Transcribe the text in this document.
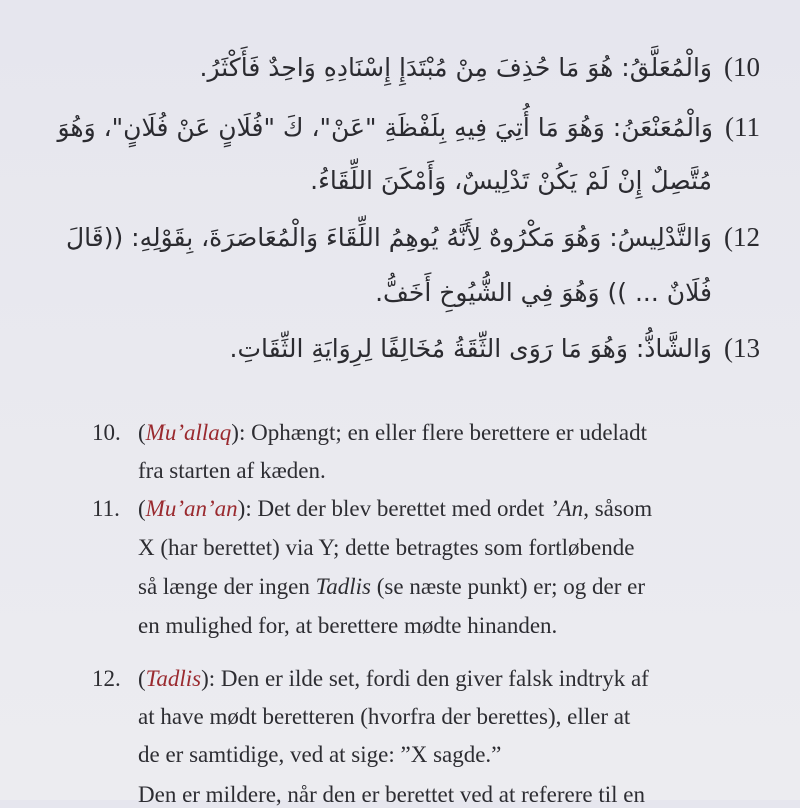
10)وَالْمُعَلَّقُ: هُوَ مَا حُذِفَ مِنْ مُبْتَدَإِ إِسْنَادِهِ وَاحِدٌ فَأَكْثَرُ.
11)وَالْمُعَنْعَنُ: وَهُوَ مَا أُتِيَ فِيهِ بِلَفْظَةِ "عَنْ"، كَ "فُلَانٍ عَنْ فُلَانٍ"، وَهُوَ
مُتَّصِلٌ إِنْ لَمْ يَكُنْ تَدْلِيسٌ، وَأَمْكَنَ اللِّقَاءُ.
12)وَالتَّدْلِيسُ: وَهُوَ مَكْرُوهٌ لِأَنَّهُ يُوهِمُ اللِّقَاءَ وَالْمُعَاصَرَةَ، بِقَوْلِهِ: ((قَالَ
فُلَانٌ ... )) وَهُوَ فِي الشُّيُوخِ أَخَفُّ.
13)وَالشَّاذُّ: وَهُوَ مَا رَوَى الثِّقَةُ مُخَالِفًا لِرِوَايَةِ الثِّقَاتِ.
10. (Mu’allaq): Ophængt; en eller flere berettere er udeladt
fra starten af kæden.
11. (Mu’an’an): Det der blev berettet med ordet ’An, såsom
X (har berettet) via Y; dette betragtes som fortløbende
så længe der ingen Tadlis (se næste punkt) er; og der er
en mulighed for, at berettere mødte hinanden.
12. (Tadlis): Den er ilde set, fordi den giver falsk indtryk af
at have mødt beretteren (hvorfra der berettes), eller at
de er samtidige, ved at sige: ”X sagde.”
Den er mildere, når den er berettet ved at referere til en
